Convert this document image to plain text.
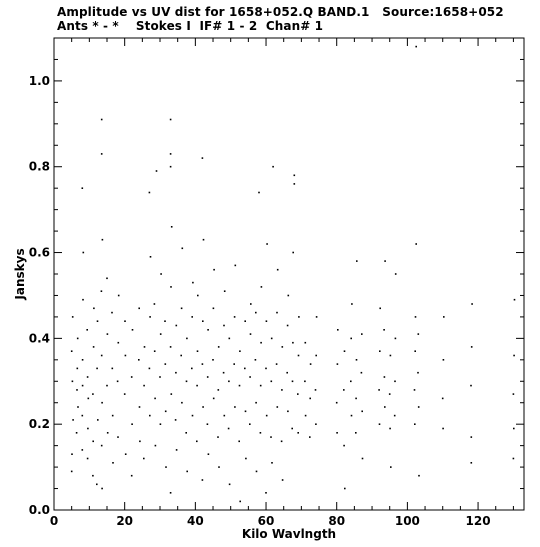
Amplitude vs UV dist for 1658+052.Q BAND.1   Source:1658+052
Ants * - *    Stokes I  IF# 1 - 2  Chan# 1
0	20	40	60	80	100	120
0.0
0.2
0.4
0.6
0.8
1.0
Kilo Wavlngth
Janskys
